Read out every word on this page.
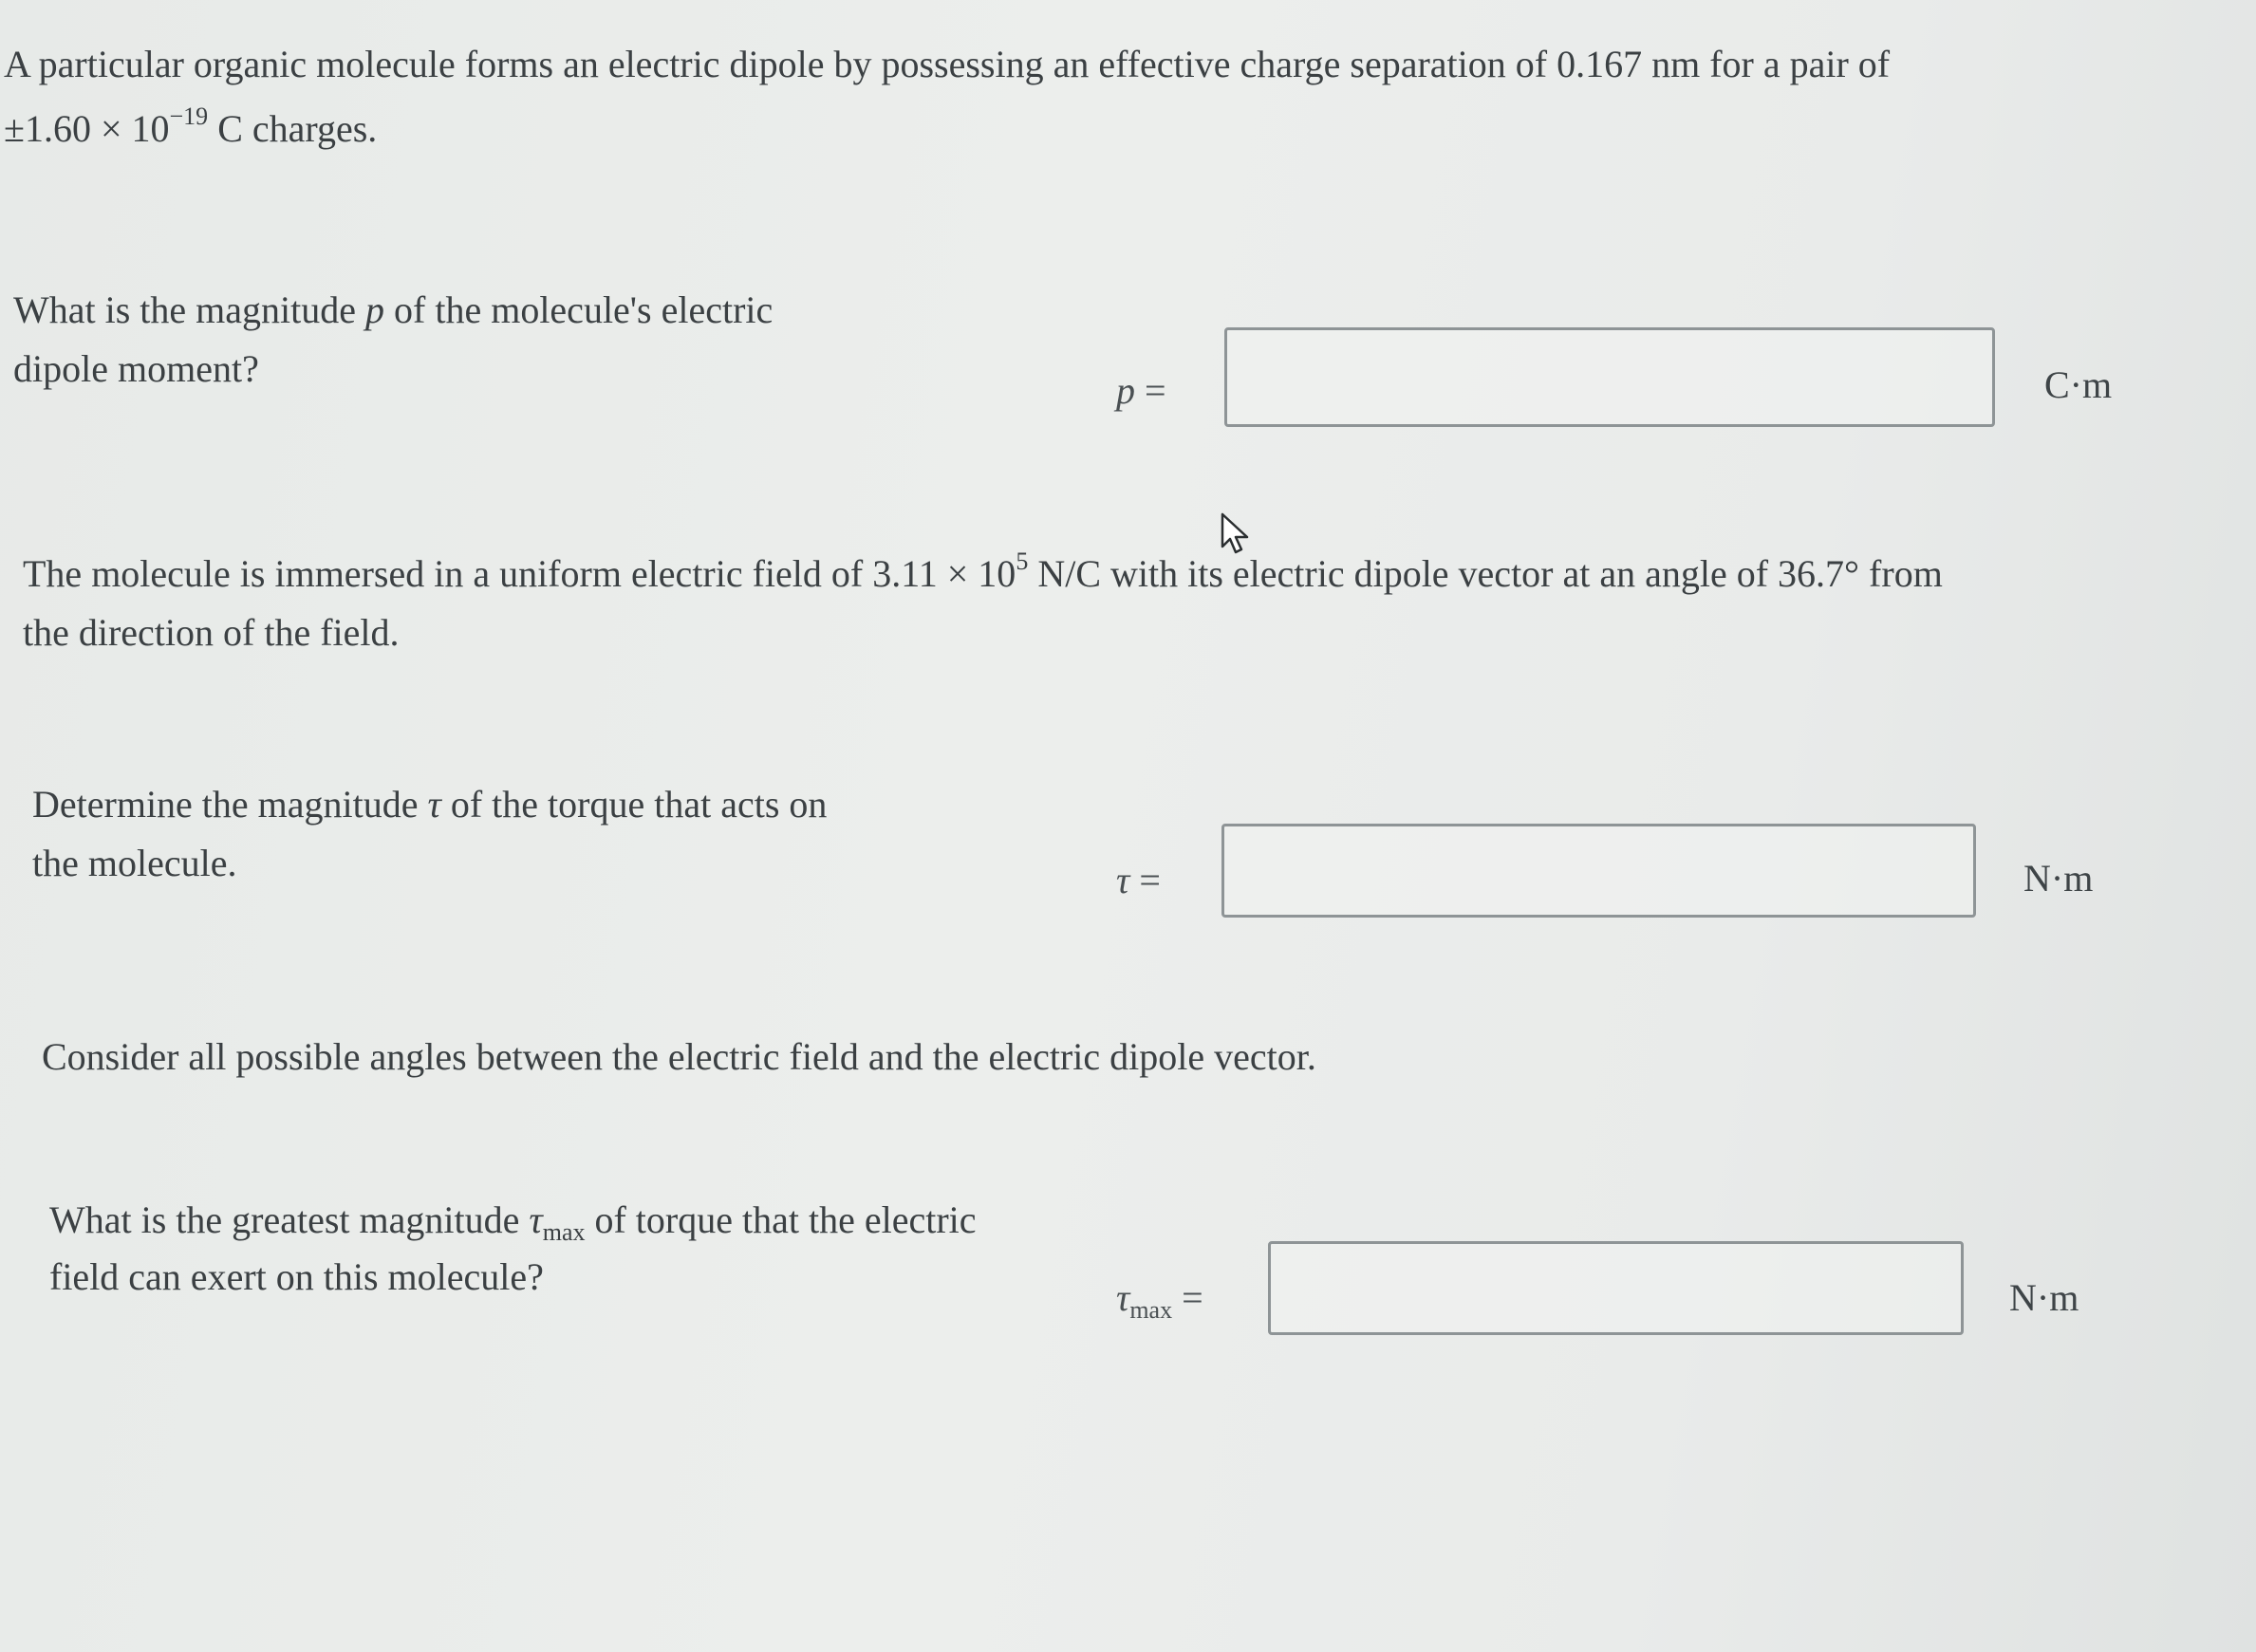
A particular organic molecule forms an electric dipole by possessing an effective charge separation of 0.167 nm for a pair of
$\pm 1.60 \times 10^{-19}$ C charges.
What is the magnitude p of the molecule's electric
dipole moment?
p =	C·m
The molecule is immersed in a uniform electric field of $3.11 \times 10^5$ N/C with its electric dipole vector at an angle of 36.7° from
the direction of the field.
Determine the magnitude τ of the torque that acts on
the molecule.	τ =	N·m
Consider all possible angles between the electric field and the electric dipole vector.
What is the greatest magnitude $\tau_{max}$ of torque that the electric
field can exert on this molecule?	$\tau_{max}$ =	N·m
